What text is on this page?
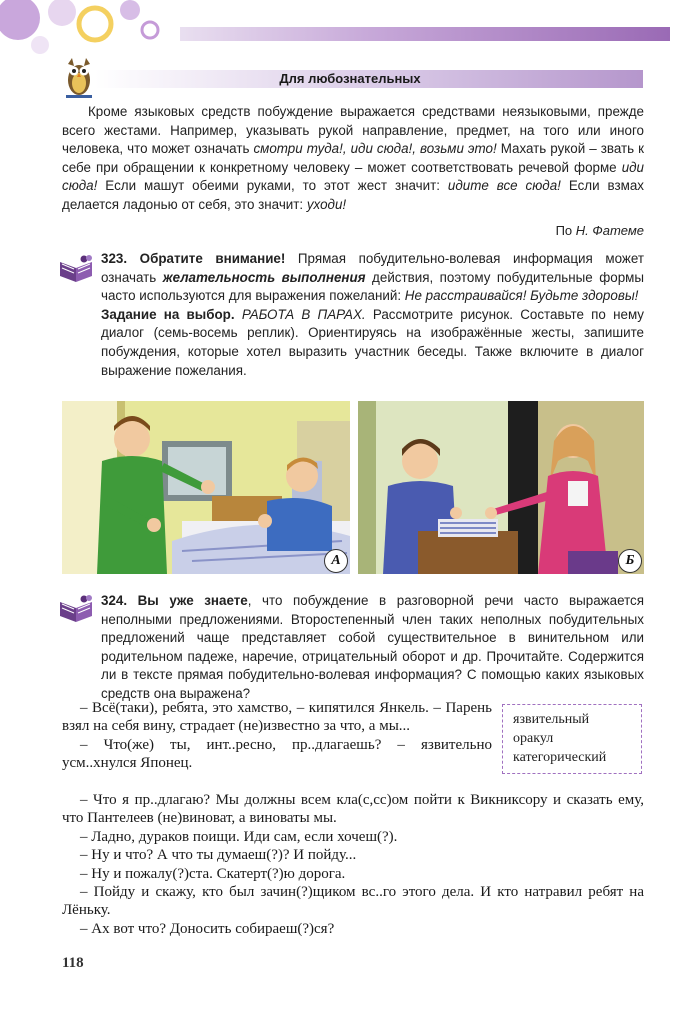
Для любознательных
Кроме языковых средств побуждение выражается средствами неязыковыми, прежде всего жестами. Например, указывать рукой направление, предмет, на того или иного человека, что может означать смотри туда!, иди сюда!, возьми это! Махать рукой – звать к себе при обращении к конкретному человеку – может соответствовать речевой форме иди сюда! Если машут обеими руками, то этот жест значит: идите все сюда! Если взмах делается ладонью от себя, это значит: уходи!
По Н. Фатеме
323. Обратите внимание! Прямая побудительно-волевая информация может означать желательность выполнения действия, поэтому побудительные формы часто используются для выражения пожеланий: Не расстраивайся! Будьте здоровы!
Задание на выбор. РАБОТА В ПАРАХ. Рассмотрите рисунок. Составьте по нему диалог (семь-восемь реплик). Ориентируясь на изображённые жесты, запишите побуждения, которые хотел выразить участник беседы. Также включите в диалог выражение пожелания.
А	Б
324. Вы уже знаете, что побуждение в разговорной речи часто выражается неполными предложениями. Второстепенный член таких неполных побудительных предложений чаще представляет собой существительное в винительном или родительном падеже, наречие, отрицательный оборот и др. Прочитайте. Содержится ли в тексте прямая побудительно-волевая информация? С помощью каких языковых средств она выражена?
язвительный
оракул
категорический

– Всё(таки), ребята, это хамство, – кипятился Янкель. – Парень взял на себя вину, страдает (не)известно за что, а мы...

– Что(же) ты, инт..ресно, пр..длагаешь? – язвительно усм..хнулся Японец.

– Что я пр..длагаю? Мы должны всем кла(с,сс)ом пойти к Викниксору и сказать ему, что Пантелеев (не)виноват, а виноваты мы.

– Ладно, дураков поищи. Иди сам, если хочеш(?).

– Ну и что? А что ты думаеш(?)? И пойду...

– Ну и пожалу(?)ста. Скатерт(?)ю дорога.

– Пойду и скажу, кто был зачин(?)щиком вс..го этого дела. И кто натравил ребят на Лёньку.

– Ах вот что? Доносить собираеш(?)ся?

118
